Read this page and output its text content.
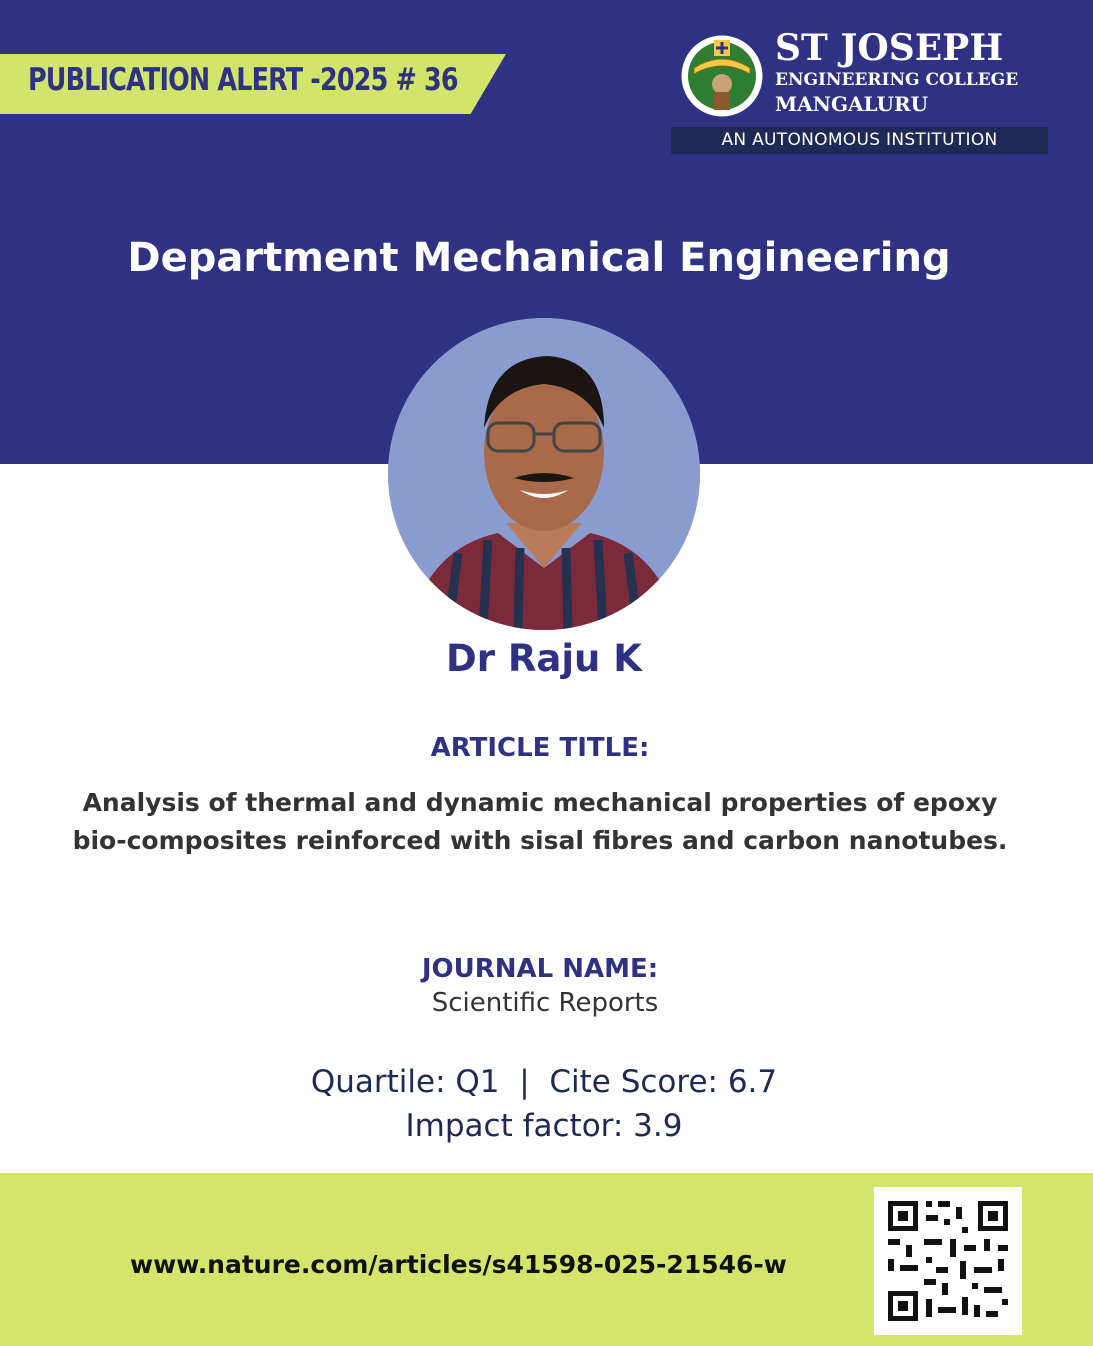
PUBLICATION ALERT -2025 # 36
ST JOSEPH
ENGINEERING COLLEGE
MANGALURU
AN AUTONOMOUS INSTITUTION
Department Mechanical Engineering
Dr Raju K
ARTICLE TITLE:
Analysis of thermal and dynamic mechanical properties of epoxy bio-composites reinforced with sisal fibres and carbon nanotubes.
JOURNAL NAME:
Scientific Reports
Quartile: Q1  |  Cite Score: 6.7
Impact factor: 3.9
www.nature.com/articles/s41598-025-21546-w
